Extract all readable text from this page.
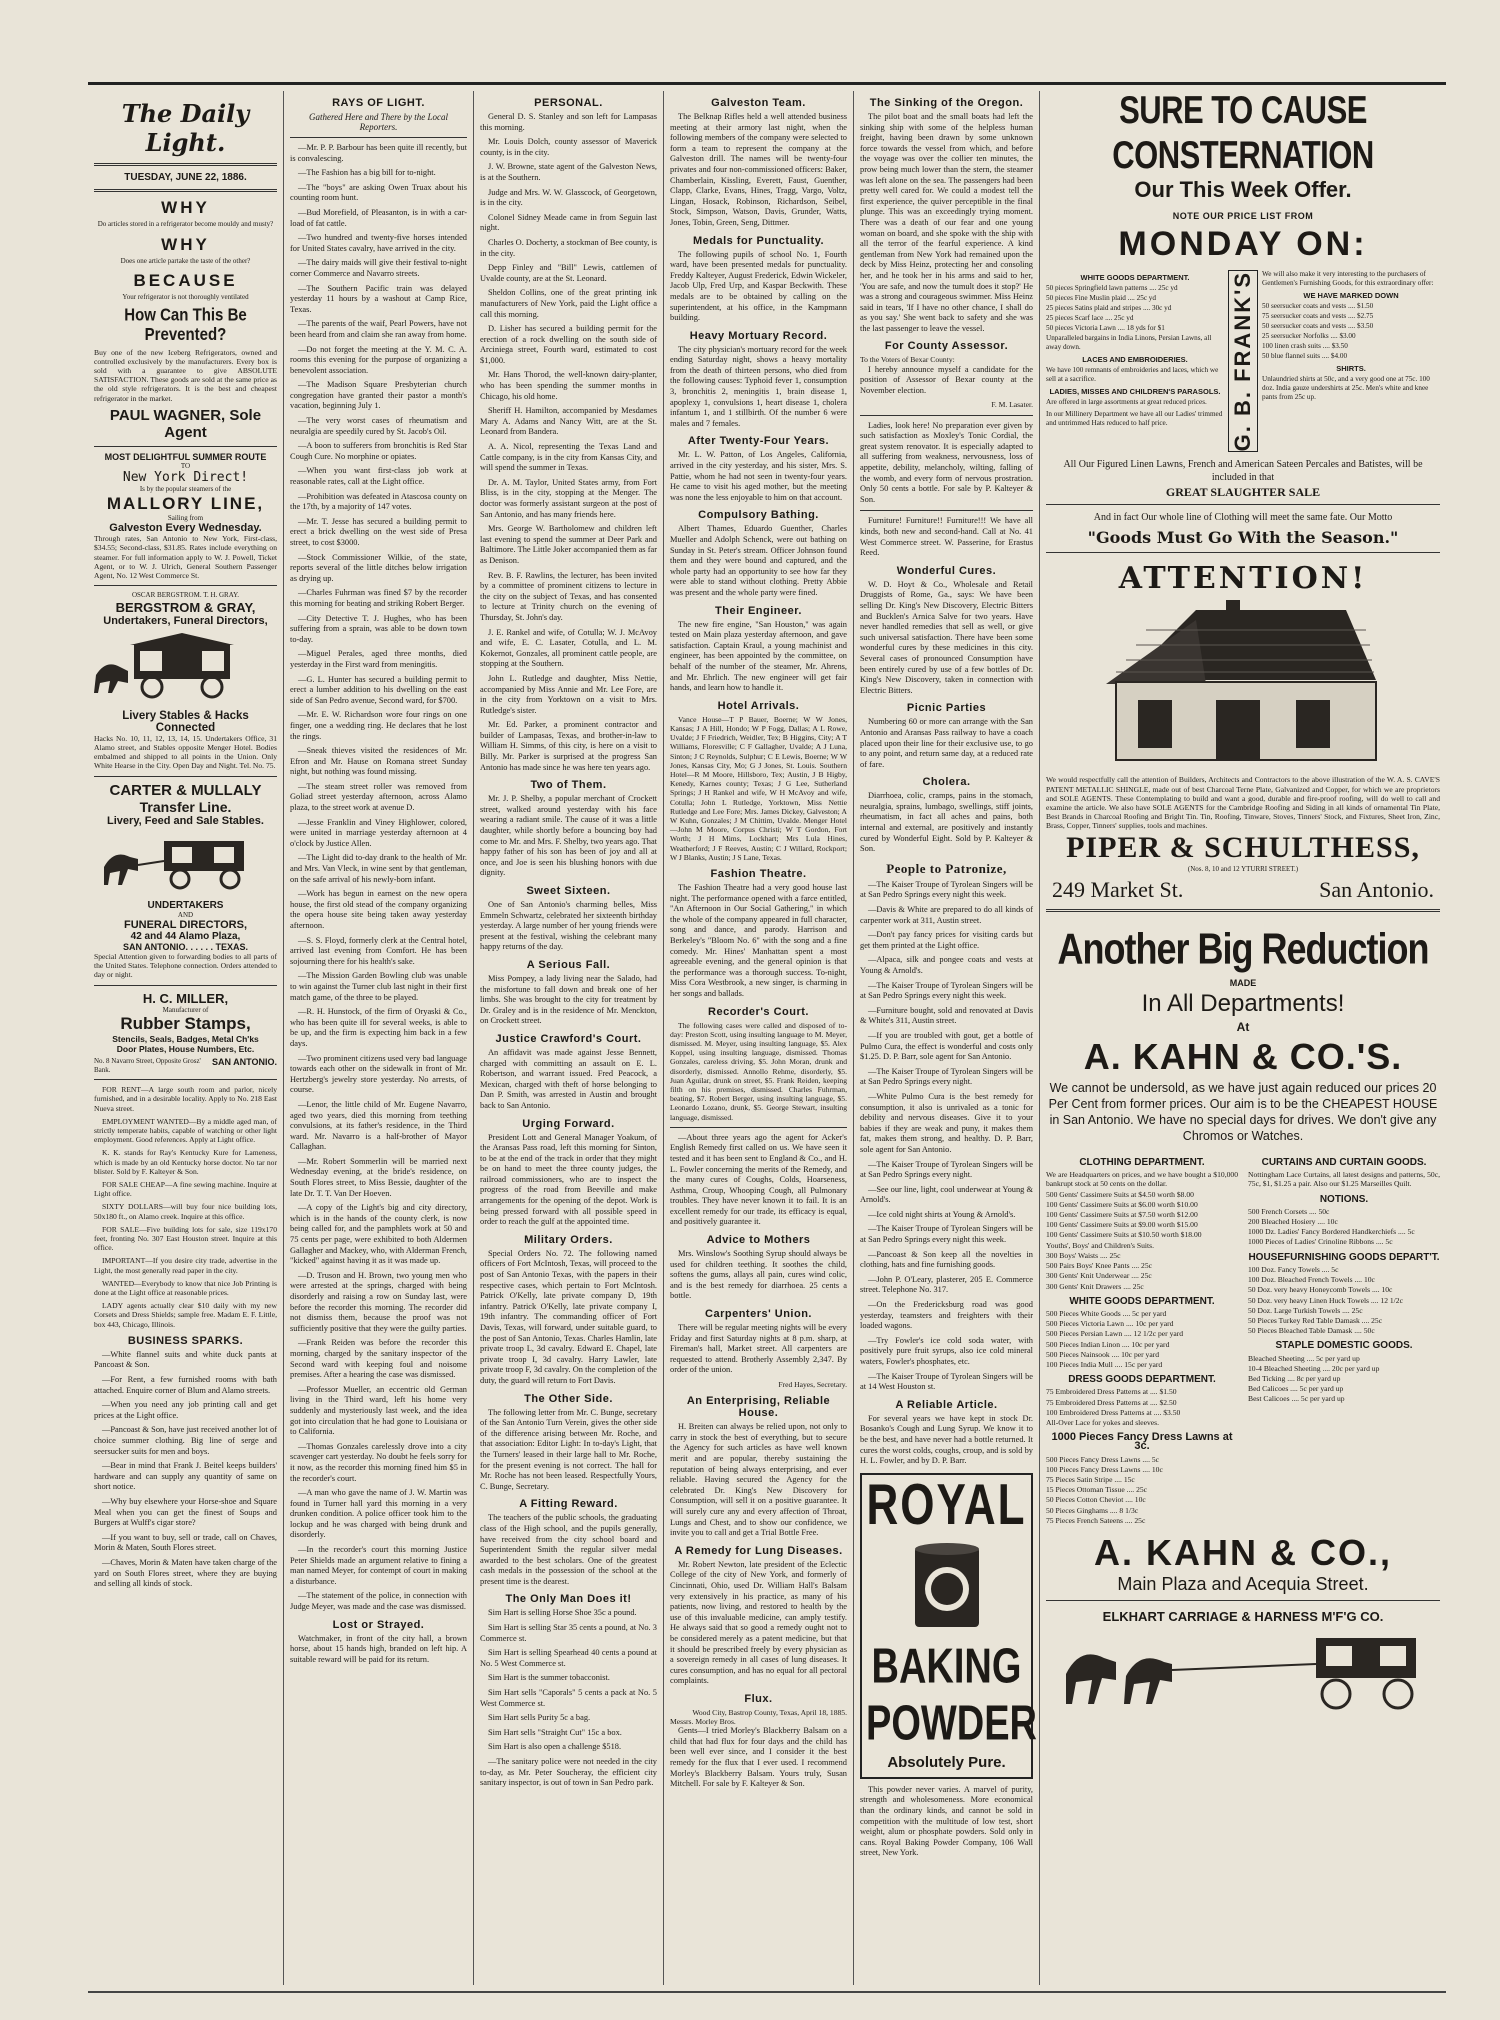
The Daily Light.
TUESDAY, JUNE 22, 1886.
WHY
Do articles stored in a refrigerator become mouldy and musty?
WHY
Does one article partake the taste of the other?
BECAUSE
Your refrigerator is not thoroughly ventilated
How Can This Be Prevented?
Buy one of the new Iceberg Refrigerators, owned and controlled exclusively by the manufacturers. Every box is sold with a guarantee to give ABSOLUTE SATISFACTION. These goods are sold at the same price as the old style refrigerators. It is the best and cheapest refrigerator in the market.
PAUL WAGNER, Sole Agent
MOST DELIGHTFUL SUMMER ROUTE
TO
New York Direct!
Is by the popular steamers of the
MALLORY LINE,
Sailing from
Galveston Every Wednesday.
Through rates, San Antonio to New York, First-class, $34.55; Second-class, $31.85. Rates include everything on steamer. For full information apply to W. J. Powell, Ticket Agent, or to W. J. Ulrich, General Southern Passenger Agent, No. 12 West Commerce St.
OSCAR BERGSTROM. T. H. GRAY.
BERGSTROM & GRAY,
Undertakers, Funeral Directors,
Livery Stables & Hacks Connected
Hacks No. 10, 11, 12, 13, 14, 15. Undertakers Office, 31 Alamo street, and Stables opposite Menger Hotel. Bodies embalmed and shipped to all points in the Union. Only White Hearse in the City. Open Day and Night. Tel. No. 75.
CARTER & MULLALY
Transfer Line.
Livery, Feed and Sale Stables.
UNDERTAKERS
AND
FUNERAL DIRECTORS,
42 and 44 Alamo Plaza,
SAN ANTONIO. . . . . . TEXAS.
Special Attention given to forwarding bodies to all parts of the United States. Telephone connection. Orders attended to day or night.
H. C. MILLER,
Manufacturer of
Rubber Stamps,
Stencils, Seals, Badges, Metal Ch'ks
Door Plates, House Numbers, Etc.
No. 8 Navarro Street, Opposite Grosz' Bank.
SAN ANTONIO.

FOR RENT—A large south room and parlor, nicely furnished, and in a desirable locality. Apply to No. 218 East Nueva street.

EMPLOYMENT WANTED—By a middle aged man, of strictly temperate habits, capable of watching or other light employment. Good references. Apply at Light office.

K. K. stands for Ray's Kentucky Kure for Lameness, which is made by an old Kentucky horse doctor. No tar nor blister. Sold by F. Kalteyer & Son.

FOR SALE CHEAP—A fine sewing machine. Inquire at Light office.

SIXTY DOLLARS—will buy four nice building lots, 50x180 ft., on Alamo creek. Inquire at this office.

FOR SALE—Five building lots for sale, size 119x170 feet, fronting No. 307 East Houston street. Inquire at this office.

IMPORTANT—If you desire city trade, advertise in the Light, the most generally read paper in the city.

WANTED—Everybody to know that nice Job Printing is done at the Light office at reasonable prices.

LADY agents actually clear $10 daily with my new Corsets and Dress Shields; sample free. Madam E. F. Little, box 443, Chicago, Illinois.

BUSINESS SPARKS.

—White flannel suits and white duck pants at Pancoast & Son.

—For Rent, a few furnished rooms with bath attached. Enquire corner of Blum and Alamo streets.

—When you need any job printing call and get prices at the Light office.

—Pancoast & Son, have just received another lot of choice summer clothing. Big line of serge and seersucker suits for men and boys.

—Bear in mind that Frank J. Beitel keeps builders' hardware and can supply any quantity of same on short notice.

—Why buy elsewhere your Horse-shoe and Square Meal when you can get the finest of Soups and Burgers at Wulff's cigar store?

—If you want to buy, sell or trade, call on Chaves, Morin & Maten, South Flores street.

—Chaves, Morin & Maten have taken charge of the yard on South Flores street, where they are buying and selling all kinds of stock.

RAYS OF LIGHT.
Gathered Here and There by the Local Reporters.

—Mr. P. P. Barbour has been quite ill recently, but is convalescing.

—The Fashion has a big bill for to-night.

—The "boys" are asking Owen Truax about his counting room hunt.

—Bud Morefield, of Pleasanton, is in with a car-load of fat cattle.

—Two hundred and twenty-five horses intended for United States cavalry, have arrived in the city.

—The dairy maids will give their festival to-night corner Commerce and Navarro streets.

—The Southern Pacific train was delayed yesterday 11 hours by a washout at Camp Rice, Texas.

—The parents of the waif, Pearl Powers, have not been heard from and claim she ran away from home.

—Do not forget the meeting at the Y. M. C. A. rooms this evening for the purpose of organizing a benevolent association.

—The Madison Square Presbyterian church congregation have granted their pastor a month's vacation, beginning July 1.

—The very worst cases of rheumatism and neuralgia are speedily cured by St. Jacob's Oil.

—A boon to sufferers from bronchitis is Red Star Cough Cure. No morphine or opiates.

—When you want first-class job work at reasonable rates, call at the Light office.

—Prohibition was defeated in Atascosa county on the 17th, by a majority of 147 votes.

—Mr. T. Jesse has secured a building permit to erect a brick dwelling on the west side of Presa street, to cost $3000.

—Stock Commissioner Wilkie, of the state, reports several of the little ditches below irrigation as drying up.

—Charles Fuhrman was fined $7 by the recorder this morning for beating and striking Robert Berger.

—City Detective T. J. Hughes, who has been suffering from a sprain, was able to be down town to-day.

—Miguel Perales, aged three months, died yesterday in the First ward from meningitis.

—G. L. Hunter has secured a building permit to erect a lumber addition to his dwelling on the east side of San Pedro avenue, Second ward, for $700.

—Mr. E. W. Richardson wore four rings on one finger, one a wedding ring. He declares that he lost the rings.

—Sneak thieves visited the residences of Mr. Efron and Mr. Hause on Romana street Sunday night, but nothing was found missing.

—The steam street roller was removed from Goliad street yesterday afternoon, across Alamo plaza, to the street work at avenue D.

—Jesse Franklin and Viney Highlower, colored, were united in marriage yesterday afternoon at 4 o'clock by Justice Allen.

—The Light did to-day drank to the health of Mr. and Mrs. Van Vleck, in wine sent by that gentleman, on the safe arrival of his newly-born infant.

—Work has begun in earnest on the new opera house, the first old stead of the company organizing the opera house site being taken away yesterday afternoon.

—S. S. Floyd, formerly clerk at the Central hotel, arrived last evening from Comfort. He has been sojourning there for his health's sake.

—The Mission Garden Bowling club was unable to win against the Turner club last night in their first match game, of the three to be played.

—R. H. Hunstock, of the firm of Oryaski & Co., who has been quite ill for several weeks, is able to be up, and the firm is expecting him back in a few days.

—Two prominent citizens used very bad language towards each other on the sidewalk in front of Mr. Hertzberg's jewelry store yesterday. No arrests, of course.

—Lenor, the little child of Mr. Eugene Navarro, aged two years, died this morning from teething convulsions, at its father's residence, in the Third ward. Mr. Navarro is a half-brother of Mayor Callaghan.

—Mr. Robert Sommerlin will be married next Wednesday evening, at the bride's residence, on South Flores street, to Miss Bessie, daughter of the late Dr. T. T. Van Der Hoeven.

—A copy of the Light's big and city directory, which is in the hands of the county clerk, is now being called for, and the pamphlets work at 50 and 75 cents per page, were exhibited to both Aldermen Gallagher and Mackey, who, with Alderman French, "kicked" against having it as it was made up.

—D. Truson and H. Brown, two young men who were arrested at the springs, charged with being disorderly and raising a row on Sunday last, were before the recorder this morning. The recorder did not dismiss them, because the proof was not sufficiently positive that they were the guilty parties.

—Frank Reiden was before the recorder this morning, charged by the sanitary inspector of the Second ward with keeping foul and noisome premises. After a hearing the case was dismissed.

—Professor Mueller, an eccentric old German living in the Third ward, left his home very suddenly and mysteriously last week, and the idea got into circulation that he had gone to Louisiana or to California.

—Thomas Gonzales carelessly drove into a city scavenger cart yesterday. No doubt he feels sorry for it now, as the recorder this morning fined him $5 in the recorder's court.

—A man who gave the name of J. W. Martin was found in Turner hall yard this morning in a very drunken condition. A police officer took him to the lockup and he was charged with being drunk and disorderly.

—In the recorder's court this morning Justice Peter Shields made an argument relative to fining a man named Meyer, for contempt of court in making a disturbance.

—The statement of the police, in connection with Judge Meyer, was made and the case was dismissed.

Lost or Strayed.
Watchmaker, in front of the city hall, a brown horse, about 15 hands high, branded on left hip. A suitable reward will be paid for its return.
PERSONAL.

General D. S. Stanley and son left for Lampasas this morning.

Mr. Louis Dolch, county assessor of Maverick county, is in the city.

J. W. Browne, state agent of the Galveston News, is at the Southern.

Judge and Mrs. W. W. Glasscock, of Georgetown, is in the city.

Colonel Sidney Meade came in from Seguin last night.

Charles O. Docherty, a stockman of Bee county, is in the city.

Depp Finley and "Bill" Lewis, cattlemen of Uvalde county, are at the St. Leonard.

Sheldon Collins, one of the great printing ink manufacturers of New York, paid the Light office a call this morning.

D. Lisher has secured a building permit for the erection of a rock dwelling on the south side of Arciniega street, Fourth ward, estimated to cost $1,000.

Mr. Hans Thorod, the well-known dairy-planter, who has been spending the summer months in Chicago, his old home.

Sheriff H. Hamilton, accompanied by Mesdames Mary A. Adams and Nancy Witt, are at the St. Leonard from Bandera.

A. A. Nicol, representing the Texas Land and Cattle company, is in the city from Kansas City, and will spend the summer in Texas.

Dr. A. M. Taylor, United States army, from Fort Bliss, is in the city, stopping at the Menger. The doctor was formerly assistant surgeon at the post of San Antonio, and has many friends here.

Mrs. George W. Bartholomew and children left last evening to spend the summer at Deer Park and Baltimore. The Little Joker accompanied them as far as Denison.

Rev. B. F. Rawlins, the lecturer, has been invited by a committee of prominent citizens to lecture in the city on the subject of Texas, and has consented to lecture at Trinity church on the evening of Thursday, St. John's day.

J. E. Rankel and wife, of Cotulla; W. J. McAvoy and wife, E. C. Lasater, Cotulla, and L. M. Kokernot, Gonzales, all prominent cattle people, are stopping at the Southern.

John L. Rutledge and daughter, Miss Nettie, accompanied by Miss Annie and Mr. Lee Fore, are in the city from Yorktown on a visit to Mrs. Rutledge's sister.

Mr. Ed. Parker, a prominent contractor and builder of Lampasas, Texas, and brother-in-law to William H. Simms, of this city, is here on a visit to Billy. Mr. Parker is surprised at the progress San Antonio has made since he was here ten years ago.

Two of Them.
Mr. J. P. Shelby, a popular merchant of Crockett street, walked around yesterday with his face wearing a radiant smile. The cause of it was a little daughter, while shortly before a bouncing boy had come to Mr. and Mrs. F. Shelby, two years ago. That happy father of his son has been of joy and all at once, and Joe is seen his blushing honors with due dignity.
Sweet Sixteen.
One of San Antonio's charming belles, Miss Emmeln Schwartz, celebrated her sixteenth birthday yesterday. A large number of her young friends were present at the festival, wishing the celebrant many happy returns of the day.
A Serious Fall.
Miss Pompey, a lady living near the Salado, had the misfortune to fall down and break one of her limbs. She was brought to the city for treatment by Dr. Graley and is in the residence of Mr. Menckton, on Crockett street.
Justice Crawford's Court.
An affidavit was made against Jesse Bennett, charged with committing an assault on E. L. Robertson, and warrant issued. Fred Peacock, a Mexican, charged with theft of horse belonging to Dan P. Smith, was arrested in Austin and brought back to San Antonio.
Urging Forward.
President Lott and General Manager Yoakum, of the Aransas Pass road, left this morning for Sinton, to be at the end of the track in order that they might be on hand to meet the three county judges, the railroad commissioners, who are to inspect the progress of the road from Beeville and make arrangements for the opening of the depot. Work is being pressed forward with all possible speed in order to reach the gulf at the appointed time.
Military Orders.
Special Orders No. 72. The following named officers of Fort McIntosh, Texas, will proceed to the post of San Antonio Texas, with the papers in their respective cases, which pertain to Fort McIntosh. Patrick O'Kelly, late private company D, 19th infantry. Patrick O'Kelly, late private company I, 19th infantry. The commanding officer of Fort Davis, Texas, will forward, under suitable guard, to the post of San Antonio, Texas. Charles Hamlin, late private troop L, 3d cavalry. Edward E. Chapel, late private troop I, 3d cavalry. Harry Lawler, late private troop F, 3d cavalry. On the completion of the duty, the guard will return to Fort Davis.
The Other Side.
The following letter from Mr. C. Bunge, secretary of the San Antonio Turn Verein, gives the other side of the difference arising between Mr. Roche, and that association: Editor Light: In to-day's Light, that the Turners' leased in their large hall to Mr. Roche, for the present evening is not correct. The hall for Mr. Roche has not been leased. Respectfully Yours, C. Bunge, Secretary.
A Fitting Reward.
The teachers of the public schools, the graduating class of the High school, and the pupils generally, have received from the city school board and Superintendent Smith the regular silver medal awarded to the best scholars. One of the greatest cash medals in the possession of the school at the present time is the dearest.
The Only Man Does it!

Sim Hart is selling Horse Shoe 35c a pound.

Sim Hart is selling Star 35 cents a pound, at No. 3 Commerce st.

Sim Hart is selling Spearhead 40 cents a pound at No. 5 West Commerce st.

Sim Hart is the summer tobacconist.

Sim Hart sells "Caporals" 5 cents a pack at No. 5 West Commerce st.

Sim Hart sells Purity 5c a bag.

Sim Hart sells "Straight Cut" 15c a box.

Sim Hart is also open a challenge $518.

—The sanitary police were not needed in the city to-day, as Mr. Peter Soucheray, the efficient city sanitary inspector, is out of town in San Pedro park.
Galveston Team.
The Belknap Rifles held a well attended business meeting at their armory last night, when the following members of the company were selected to form a team to represent the company at the Galveston drill. The names will be twenty-four privates and four non-commissioned officers: Baker, Chamberlain, Kissling, Everett, Faust, Guenther, Clapp, Clarke, Evans, Hines, Tragg, Vargo, Voltz, Lingan, Hosack, Robinson, Richardson, Seibel, Stock, Simpson, Watson, Davis, Grunder, Watts, Jones, Tobin, Green, Seng, Dittmer.
Medals for Punctuality.
The following pupils of school No. 1, Fourth ward, have been presented medals for punctuality. Freddy Kalteyer, August Frederick, Edwin Wickeler, Jacob Ulp, Fred Urp, and Kaspar Beckwith. These medals are to be obtained by calling on the superintendent, at his office, in the Kampmann building.
Heavy Mortuary Record.
The city physician's mortuary record for the week ending Saturday night, shows a heavy mortality from the death of thirteen persons, who died from the following causes: Typhoid fever 1, consumption 3, bronchitis 2, meningitis 1, brain disease 1, apoplexy 1, convulsions 1, heart disease 1, cholera infantum 1, and 1 stillbirth. Of the number 6 were males and 7 females.
After Twenty-Four Years.
Mr. L. W. Patton, of Los Angeles, California, arrived in the city yesterday, and his sister, Mrs. S. Pattie, whom he had not seen in twenty-four years. He came to visit his aged mother, but the meeting was none the less enjoyable to him on that account.
Compulsory Bathing.
Albert Thames, Eduardo Guenther, Charles Mueller and Adolph Schenck, were out bathing on Sunday in St. Peter's stream. Officer Johnson found them and they were bound and captured, and the whole party had an opportunity to see how far they were able to stand without clothing. Pretty Abbie was present and the whole party were fined.
Their Engineer.
The new fire engine, "San Houston," was again tested on Main plaza yesterday afternoon, and gave satisfaction. Captain Kraul, a young machinist and engineer, has been appointed by the committee, on behalf of the number of the steamer, Mr. Ahrens, and Mr. Ehrlich. The new engineer will get fair hands, and learn how to handle it.
Hotel Arrivals.
Vance House—T P Bauer, Boerne; W W Jones, Kansas; J A Hill, Hondo; W P Fogg, Dallas; A L Rowe, Uvalde; J F Friedrich, Weidler, Tex; B Higgins, City; A T Williams, Floresville; C F Gallagher, Uvalde; A J Luna, Sinton; J C Reynolds, Sulphur; C E Lewis, Boerne; W W Jones, Kansas City, Mo; G J Jones, St. Louis. Southern Hotel—R M Moore, Hillsboro, Tex; Austin, J B Higby, Kenedy, Karnes county; Texas; J G Lee, Sutherland Springs; J H Rankel and wife, W H McAvoy and wife, Cotulla; John L Rutledge, Yorktown, Miss Nettie Rutledge and Lee Fore; Mrs. James Dickey, Galveston; A W Kuhn, Gonzales; J M Chittim, Uvalde. Menger Hotel—John M Moore, Corpus Christi; W T Gordon, Fort Worth; J H Mims, Lockhart; Mrs Lula Hines, Weatherford; J F Reeves, Austin; C J Willard, Rockport; W J Blanks, Austin; J S Lane, Texas.
Fashion Theatre.
The Fashion Theatre had a very good house last night. The performance opened with a farce entitled, "An Afternoon in Our Social Gathering," in which the whole of the company appeared in full character, song and dance, and parody. Harrison and Berkeley's "Bloom No. 6" with the song and a fine comedy. Mr. Hines' Manhattan spent a most agreeable evening, and the general opinion is that the performance was a thorough success. To-night, Miss Cora Westbrook, a new singer, is charming in her songs and ballads.
Recorder's Court.
The following cases were called and disposed of to-day: Preston Scott, using insulting language to M. Meyer, dismissed. M. Meyer, using insulting language, $5. Alex Koppel, using insulting language, dismissed. Thomas Gonzales, careless driving, $5. John Moran, drunk and disorderly, dismissed. Annollo Rehme, disorderly, $5. Juan Aguilar, drunk on street, $5. Frank Reiden, keeping filth on his premises, dismissed. Charles Fuhrman, beating, $7. Robert Berger, using insulting language, $5. Leonardo Lozano, drunk, $5. George Stewart, insulting language, dismissed.
—About three years ago the agent for Acker's English Remedy first called on us. We have seen it tested and it has been sent to England & Co., and H. L. Fowler concerning the merits of the Remedy, and the many cures of Coughs, Colds, Hoarseness, Asthma, Croup, Whooping Cough, all Pulmonary troubles. They have never known it to fail. It is an excellent remedy for our trade, its efficacy is equal, and positively guarantee it.
Advice to Mothers
Mrs. Winslow's Soothing Syrup should always be used for children teething. It soothes the child, softens the gums, allays all pain, cures wind colic, and is the best remedy for diarrhoea. 25 cents a bottle.
Carpenters' Union.
There will be regular meeting nights will be every Friday and first Saturday nights at 8 p.m. sharp, at Fireman's hall, Market street. All carpenters are requested to attend. Brotherly Assembly 2,347. By order of the union.
Fred Hayes, Secretary.
An Enterprising, Reliable House.
H. Breiten can always be relied upon, not only to carry in stock the best of everything, but to secure the Agency for such articles as have well known merit and are popular, thereby sustaining the reputation of being always enterprising, and ever reliable. Having secured the Agency for the celebrated Dr. King's New Discovery for Consumption, will sell it on a positive guarantee. It will surely cure any and every affection of Throat, Lungs and Chest, and to show our confidence, we invite you to call and get a Trial Bottle Free.
A Remedy for Lung Diseases.
Mr. Robert Newton, late president of the Eclectic College of the city of New York, and formerly of Cincinnati, Ohio, used Dr. William Hall's Balsam very extensively in his practice, as many of his patients, now living, and restored to health by the use of this invaluable medicine, can amply testify. He always said that so good a remedy ought not to be considered merely as a patent medicine, but that it should be prescribed freely by every physician as a sovereign remedy in all cases of lung diseases. It cures consumption, and has no equal for all pectoral complaints.
Flux.
Wood City, Bastrop County, Texas, April 18, 1885.
Messrs. Morley Bros.
Gents—I tried Morley's Blackberry Balsam on a child that had flux for four days and the child has been well ever since, and I consider it the best remedy for the flux that I ever used. I recommend Morley's Blackberry Balsam. Yours truly, Susan Mitchell. For sale by F. Kalteyer & Son.
The Sinking of the Oregon.
The pilot boat and the small boats had left the sinking ship with some of the helpless human freight, having been drawn by some unknown force towards the vessel from which, and before the voyage was over the collier ten minutes, the prow being much lower than the stern, the steamer was left alone on the sea. The passengers had been pretty well cared for. We could a modest tell the first experience, the quiver perceptible in the final plunge. This was an exceedingly trying moment. There was a death of our fear and one young woman on board, and she spoke with the ship with all the terror of the fearful experience. A kind gentleman from New York had remained upon the deck by Miss Heinz, protecting her and consoling her, and he took her in his arms and said to her, 'You are safe, and now the tumult does it stop?' He was a strong and courageous swimmer. Miss Heinz said in tears, 'If I have no other chance, I shall do as you say.' She went back to safety and she was the last passenger to leave the vessel.
For County Assessor.
To the Voters of Bexar County:
I hereby announce myself a candidate for the position of Assessor of Bexar county at the November election.
F. M. Lasater.
Ladies, look here! No preparation ever given by such satisfaction as Moxley's Tonic Cordial, the great system renovator. It is especially adapted to all suffering from weakness, nervousness, loss of appetite, debility, melancholy, wilting, falling of the womb, and every form of nervous prostration. Only 50 cents a bottle. For sale by P. Kalteyer & Son.
Furniture! Furniture!! Furniture!!! We have all kinds, both new and second-hand. Call at No. 41 West Commerce street. W. Passerine, for Erastus Reed.
Wonderful Cures.
W. D. Hoyt & Co., Wholesale and Retail Druggists of Rome, Ga., says: We have been selling Dr. King's New Discovery, Electric Bitters and Bucklen's Arnica Salve for two years. Have never handled remedies that sell as well, or give such universal satisfaction. There have been some wonderful cures by these medicines in this city. Several cases of pronounced Consumption have been entirely cured by use of a few bottles of Dr. King's New Discovery, taken in connection with Electric Bitters.
Picnic Parties
Numbering 60 or more can arrange with the San Antonio and Aransas Pass railway to have a coach placed upon their line for their exclusive use, to go to any point, and return same day, at a reduced rate of fare.
Cholera.
Diarrhoea, colic, cramps, pains in the stomach, neuralgia, sprains, lumbago, swellings, stiff joints, rheumatism, in fact all aches and pains, both internal and external, are positively and instantly cured by Wonderful Eight. Sold by P. Kalteyer & Son.
People to Patronize,

—The Kaiser Troupe of Tyrolean Singers will be at San Pedro Springs every night this week.

—Davis & White are prepared to do all kinds of carpenter work at 311, Austin street.

—Don't pay fancy prices for visiting cards but get them printed at the Light office.

—Alpaca, silk and pongee coats and vests at Young & Arnold's.

—The Kaiser Troupe of Tyrolean Singers will be at San Pedro Springs every night this week.

—Furniture bought, sold and renovated at Davis & White's 311, Austin street.

—If you are troubled with gout, get a bottle of Pulmo Cura, the effect is wonderful and costs only $1.25. D. P. Barr, sole agent for San Antonio.

—The Kaiser Troupe of Tyrolean Singers will be at San Pedro Springs every night.

—White Pulmo Cura is the best remedy for consumption, it also is unrivaled as a tonic for debility and nervous diseases. Give it to your babies if they are weak and puny, it makes them fat, makes them strong, and healthy. D. P. Barr, sole agent for San Antonio.

—The Kaiser Troupe of Tyrolean Singers will be at San Pedro Springs every night.

—See our line, light, cool underwear at Young & Arnold's.

—Ice cold night shirts at Young & Arnold's.

—The Kaiser Troupe of Tyrolean Singers will be at San Pedro Springs every night this week.

—Pancoast & Son keep all the novelties in clothing, hats and fine furnishing goods.

—John P. O'Leary, plasterer, 205 E. Commerce street. Telephone No. 317.

—On the Fredericksburg road was good yesterday, teamsters and freighters with their loaded wagons.

—Try Fowler's ice cold soda water, with positively pure fruit syrups, also ice cold mineral waters, Fowler's phosphates, etc.

—The Kaiser Troupe of Tyrolean Singers will be at 14 West Houston st.

A Reliable Article.
For several years we have kept in stock Dr. Bosanko's Cough and Lung Syrup. We know it to be the best, and have never had a bottle returned. It cures the worst colds, coughs, croup, and is sold by H. L. Fowler, and by D. P. Barr.
ROYAL
BAKING
POWDER
Absolutely Pure.
This powder never varies. A marvel of purity, strength and wholesomeness. More economical than the ordinary kinds, and cannot be sold in competition with the multitude of low test, short weight, alum or phosphate powders. Sold only in cans. Royal Baking Powder Company, 106 Wall street, New York.
SURE TO CAUSE CONSTERNATION
Our This Week Offer.
NOTE OUR PRICE LIST FROM
MONDAY ON:
WHITE GOODS DEPARTMENT.

50 pieces Springfield lawn patterns .... 25c yd

50 pieces Fine Muslin plaid .... 25c yd

25 pieces Satins plaid and stripes .... 30c yd

25 pieces Scarf lace .... 25c yd

50 pieces Victoria Lawn .... 18 yds for $1

Unparalleled bargains in India Linons, Persian Lawns, all away down.

LACES AND EMBROIDERIES.
We have 100 remnants of embroideries and laces, which we sell at a sacrifice.
LADIES, MISSES AND CHILDREN'S PARASOLS.
Are offered in large assortments at great reduced prices.
In our Millinery Department we have all our Ladies' trimmed and untrimmed Hats reduced to half price.	G. B. FRANK'S We will also make it very interesting to the purchasers of Gentlemen's Furnishing Goods, for this extraordinary offer:
WE HAVE MARKED DOWN

50 seersucker coats and vests .... $1.50

75 seersucker coats and vests .... $2.75

50 seersucker coats and vests .... $3.50

25 seersucker Norfolks .... $3.00

100 linen crash suits .... $3.50

50 blue flannel suits .... $4.00

SHIRTS.
Unlaundried shirts at 50c, and a very good one at 75c. 100 doz. India gauze undershirts at 25c. Men's white and knee pants from 25c up.
All Our Figured Linen Lawns, French and American Sateen Percales and Batistes, will be included in that
GREAT SLAUGHTER SALE
And in fact Our whole line of Clothing will meet the same fate. Our Motto
"Goods Must Go With the Season."
ATTENTION!
We would respectfully call the attention of Builders, Architects and Contractors to the above illustration of the W. A. S. CAVE'S PATENT METALLIC SHINGLE, made out of best Charcoal Terne Plate, Galvanized and Copper, for which we are proprietors and SOLE AGENTS. These Contemplating to build and want a good, durable and fire-proof roofing, will do well to call and examine the article. We also have SOLE AGENTS for the Cambridge Roofing and Siding in all kinds of ornamental Tin Plate, Best Brands in Charcoal Roofing and Bright Tin. Tin, Roofing, Tinware, Stoves, Tinners' Stock, and Fixtures, Sheet Iron, Zinc, Brass, Copper, Tinners' supplies, tools and machines.
PIPER & SCHULTHESS,
(Nos. 8, 10 and 12 YTURRI STREET.)
249 Market St.	San Antonio.
Another Big Reduction
MADE
In All Departments!
At
A. KAHN & CO.'S.
We cannot be undersold, as we have just again reduced our prices 20 Per Cent from former prices. Our aim is to be the CHEAPEST HOUSE in San Antonio. We have no special days for drives. We don't give any Chromos or Watches.
CLOTHING DEPARTMENT.

We are Headquarters on prices, and we have bought a $10,000 bankrupt stock at 50 cents on the dollar.

500 Gents' Cassimere Suits at $4.50 worth $8.00

100 Gents' Cassimere Suits at $6.00 worth $10.00

100 Gents' Cassimere Suits at $7.50 worth $12.00

100 Gents' Cassimere Suits at $9.00 worth $15.00

100 Gents' Cassimere Suits at $10.50 worth $18.00

Youths', Boys' and Children's Suits.

300 Boys' Waists .... 25c

500 Pairs Boys' Knee Pants .... 25c

300 Gents' Knit Underwear .... 25c

300 Gents' Knit Drawers .... 25c

WHITE GOODS DEPARTMENT.

500 Pieces White Goods .... 5c per yard

500 Pieces Victoria Lawn .... 10c per yard

500 Pieces Persian Lawn .... 12 1/2c per yard

500 Pieces Indian Linon .... 10c per yard

500 Pieces Nainsook .... 10c per yard

100 Pieces India Mull .... 15c per yard

DRESS GOODS DEPARTMENT.

75 Embroidered Dress Patterns at .... $1.50

75 Embroidered Dress Patterns at .... $2.50

100 Embroidered Dress Patterns at .... $3.50

All-Over Lace for yokes and sleeves.

1000 Pieces Fancy Dress Lawns at 3c.

500 Pieces Fancy Dress Lawns .... 5c

100 Pieces Fancy Dress Lawns .... 10c

75 Pieces Satin Stripe .... 15c

15 Pieces Ottoman Tissue .... 25c

50 Pieces Cotton Cheviot .... 10c

50 Pieces Ginghams .... 8 1/3c

75 Pieces French Sateens .... 25c

CURTAINS AND CURTAIN GOODS.
Nottingham Lace Curtains, all latest designs and patterns, 50c, 75c, $1, $1.25 a pair. Also our $1.25 Marseilles Quilt.
NOTIONS.

500 French Corsets .... 50c

200 Bleached Hosiery .... 10c

1000 Dz. Ladies' Fancy Bordered Handkerchiefs .... 5c

1000 Pieces of Ladies' Crinoline Ribbons .... 5c

HOUSEFURNISHING GOODS DEPART'T.

100 Doz. Fancy Towels .... 5c

100 Doz. Bleached French Towels .... 10c

50 Doz. very heavy Honeycomb Towels .... 10c

50 Doz. very heavy Linen Huck Towels .... 12 1/2c

50 Doz. Large Turkish Towels .... 25c

50 Pieces Turkey Red Table Damask .... 25c

50 Pieces Bleached Table Damask .... 50c

STAPLE DOMESTIC GOODS.

Bleached Sheeting .... 5c per yard up

10-4 Bleached Sheeting .... 20c per yard up

Bed Ticking .... 8c per yard up

Bed Calicoes .... 5c per yard up

Best Calicoes .... 5c per yard up

A. KAHN & CO.,
Main Plaza and Acequia Street.
ELKHART CARRIAGE & HARNESS M'F'G CO.
